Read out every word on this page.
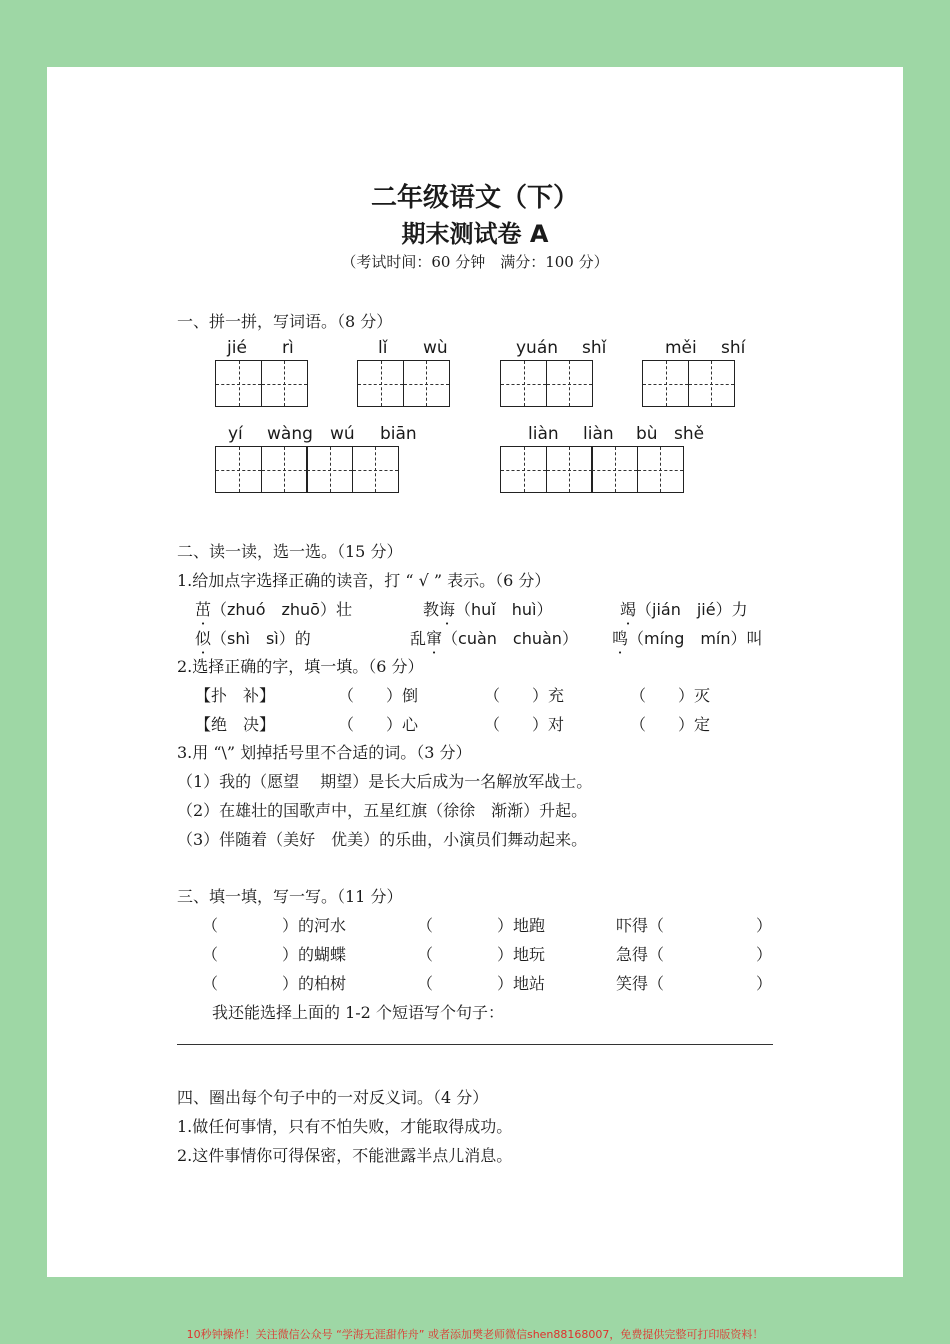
二年级语文（下）
期末测试卷 A
（考试时间：60 分钟　满分：100 分）
一、拼一拼，写词语。（8 分）
jié rì	lǐ wù	yuán shǐ	měi shí
yí wàng wú biān	liàn liàn bù shě
二、读一读，选一选。（15 分）
1.给加点字选择正确的读音，打 “ √ ” 表示。（6 分）
茁（zhuó　zhuō）壮	教诲（huǐ　huì）	竭（jián　jié）力
似（shì　sì）的	乱窜（cuàn　chuàn） 鸣（míng　mín）叫
2.选择正确的字，填一填。（6 分）
【扑　补】	（　　）倒	（　　）充	（　　）灭
【绝　决】	（　　）心	（　　）对	（　　）定
3.用 “\” 划掉括号里不合适的词。（3 分）
（1）我的（愿望　 期望）是长大后成为一名解放军战士。
（2）在雄壮的国歌声中，五星红旗（徐徐　渐渐）升起。
（3）伴随着（美好　优美）的乐曲，小演员们舞动起来。
三、填一填，写一写。（11 分）
（　　　　）的河水	（　　　　）地跑	吓得（	）
（　　　　）的蝴蝶	（　　　　）地玩	急得（	）
（　　　　）的柏树	（　　　　）地站	笑得（	）
我还能选择上面的 1-2 个短语写个句子：
四、圈出每个句子中的一对反义词。（4 分）
1.做任何事情，只有不怕失败，才能取得成功。
2.这件事情你可得保密，不能泄露半点儿消息。
10秒钟操作！关注微信公众号 “学海无涯甜作舟” 或者添加樊老师微信shen88168007，免费提供完整可打印版资料！
